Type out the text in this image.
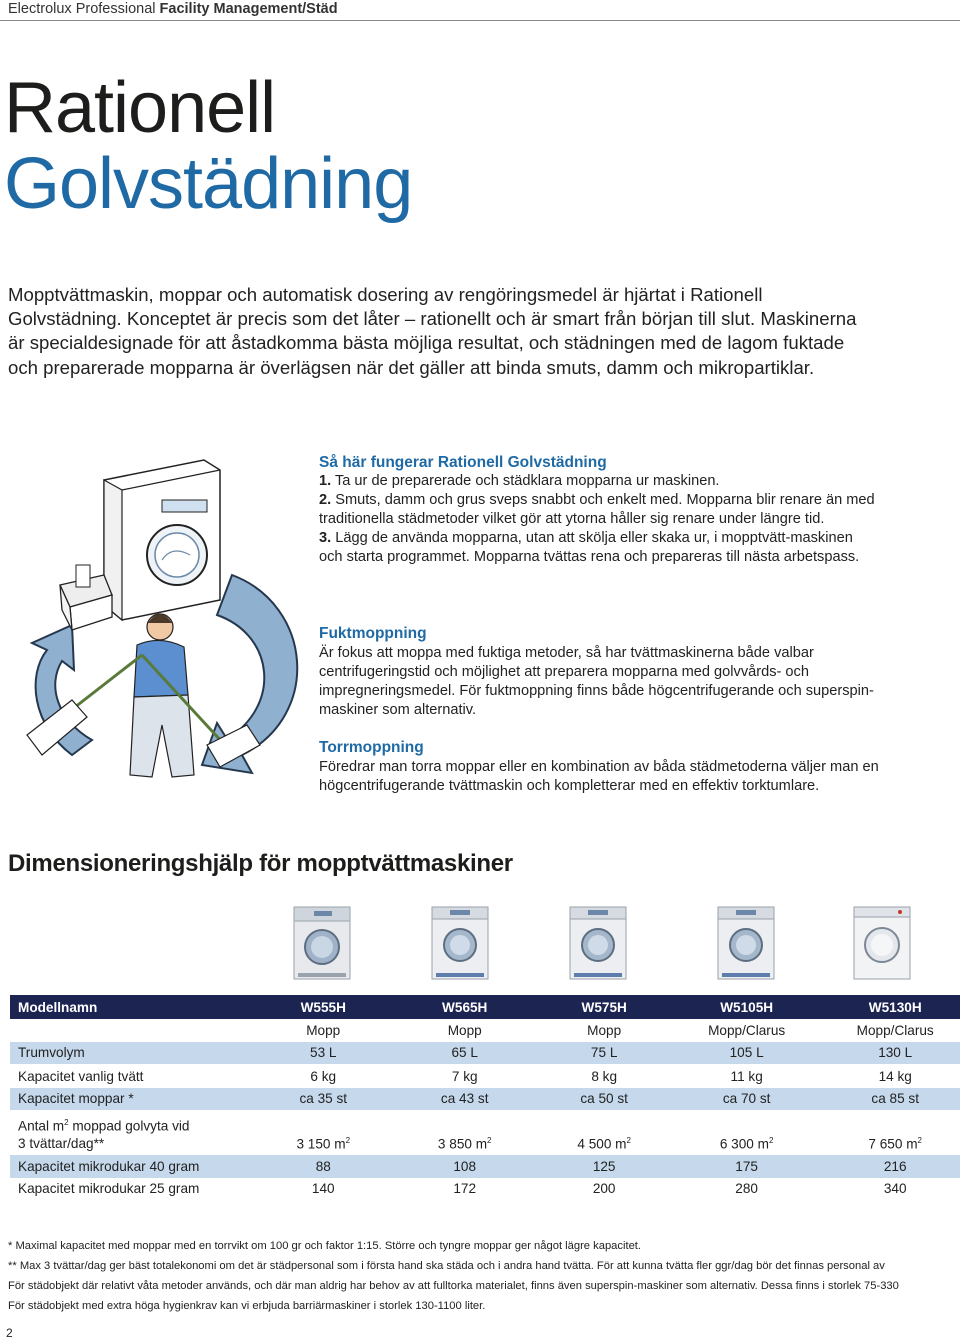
Electrolux Professional Facility Management/Städ
Rationell
Golvstädning
Mopptvättmaskin, moppar och automatisk dosering av rengöringsmedel är hjärtat i Rationell Golvstädning. Konceptet är precis som det låter – rationellt och är smart från början till slut. Maskinerna är specialdesignade för att åstadkomma bästa möjliga resultat, och städningen med de lagom fuktade och preparerade mopparna är överlägsen när det gäller att binda smuts, damm och mikropartiklar.
Så här fungerar Rationell Golvstädning

1. Ta ur de preparerade och städklara mopparna ur maskinen.

2. Smuts, damm och grus sveps snabbt och enkelt med. Mopparna blir renare än med traditionella städmetoder vilket gör att ytorna håller sig renare under längre tid.

3. Lägg de använda mopparna, utan att skölja eller skaka ur, i mopptvätt-maskinen och starta programmet. Mopparna tvättas rena och prepareras till nästa arbetspass.

Fuktmoppning
Är fokus att moppa med fuktiga metoder, så har tvättmaskinerna både valbar centrifugeringstid och möjlighet att preparera mopparna med golvvårds- och impregneringsmedel. För fuktmoppning finns både högcentrifugerande och superspin-maskiner som alternativ.
Torrmoppning
Föredrar man torra moppar eller en kombination av båda städmetoderna väljer man en högcentrifugerande tvättmaskin och kompletterar med en effektiv torktumlare.
Dimensioneringshjälp för mopptvättmaskiner
Modellnamn	W555H	W565H	W575H	W5105H	W5130H
	Mopp	Mopp	Mopp	Mopp/Clarus	Mopp/Clarus
Trumvolym	53 L	65 L	75 L	105 L	130 L
Kapacitet vanlig tvätt	6 kg	7 kg	8 kg	11 kg	14 kg
Kapacitet moppar *	ca 35 st	ca 43 st	ca 50 st	ca 70 st	ca 85 st
Antal $m^2$ moppad golvyta vid
3 tvättar/dag**	3 150 $m^2$	3 850 $m^2$	4 500 $m^2$	6 300 $m^2$	7 650 $m^2$
Kapacitet mikrodukar 40 gram	88	108	125	175	216
Kapacitet mikrodukar 25 gram	140	172	200	280	340
* Maximal kapacitet med moppar med en torrvikt om 100 gr och faktor 1:15. Större och tyngre moppar ger något lägre kapacitet.
** Max 3 tvättar/dag ger bäst totalekonomi om det är städpersonal som i första hand ska städa och i andra hand tvätta. För att kunna tvätta fler ggr/dag bör det finnas personal av
För städobjekt där relativt våta metoder används, och där man aldrig har behov av att fulltorka materialet, finns även superspin-maskiner som alternativ. Dessa finns i storlek 75-330
För städobjekt med extra höga hygienkrav kan vi erbjuda barriärmaskiner i storlek 130-1100 liter.
2
